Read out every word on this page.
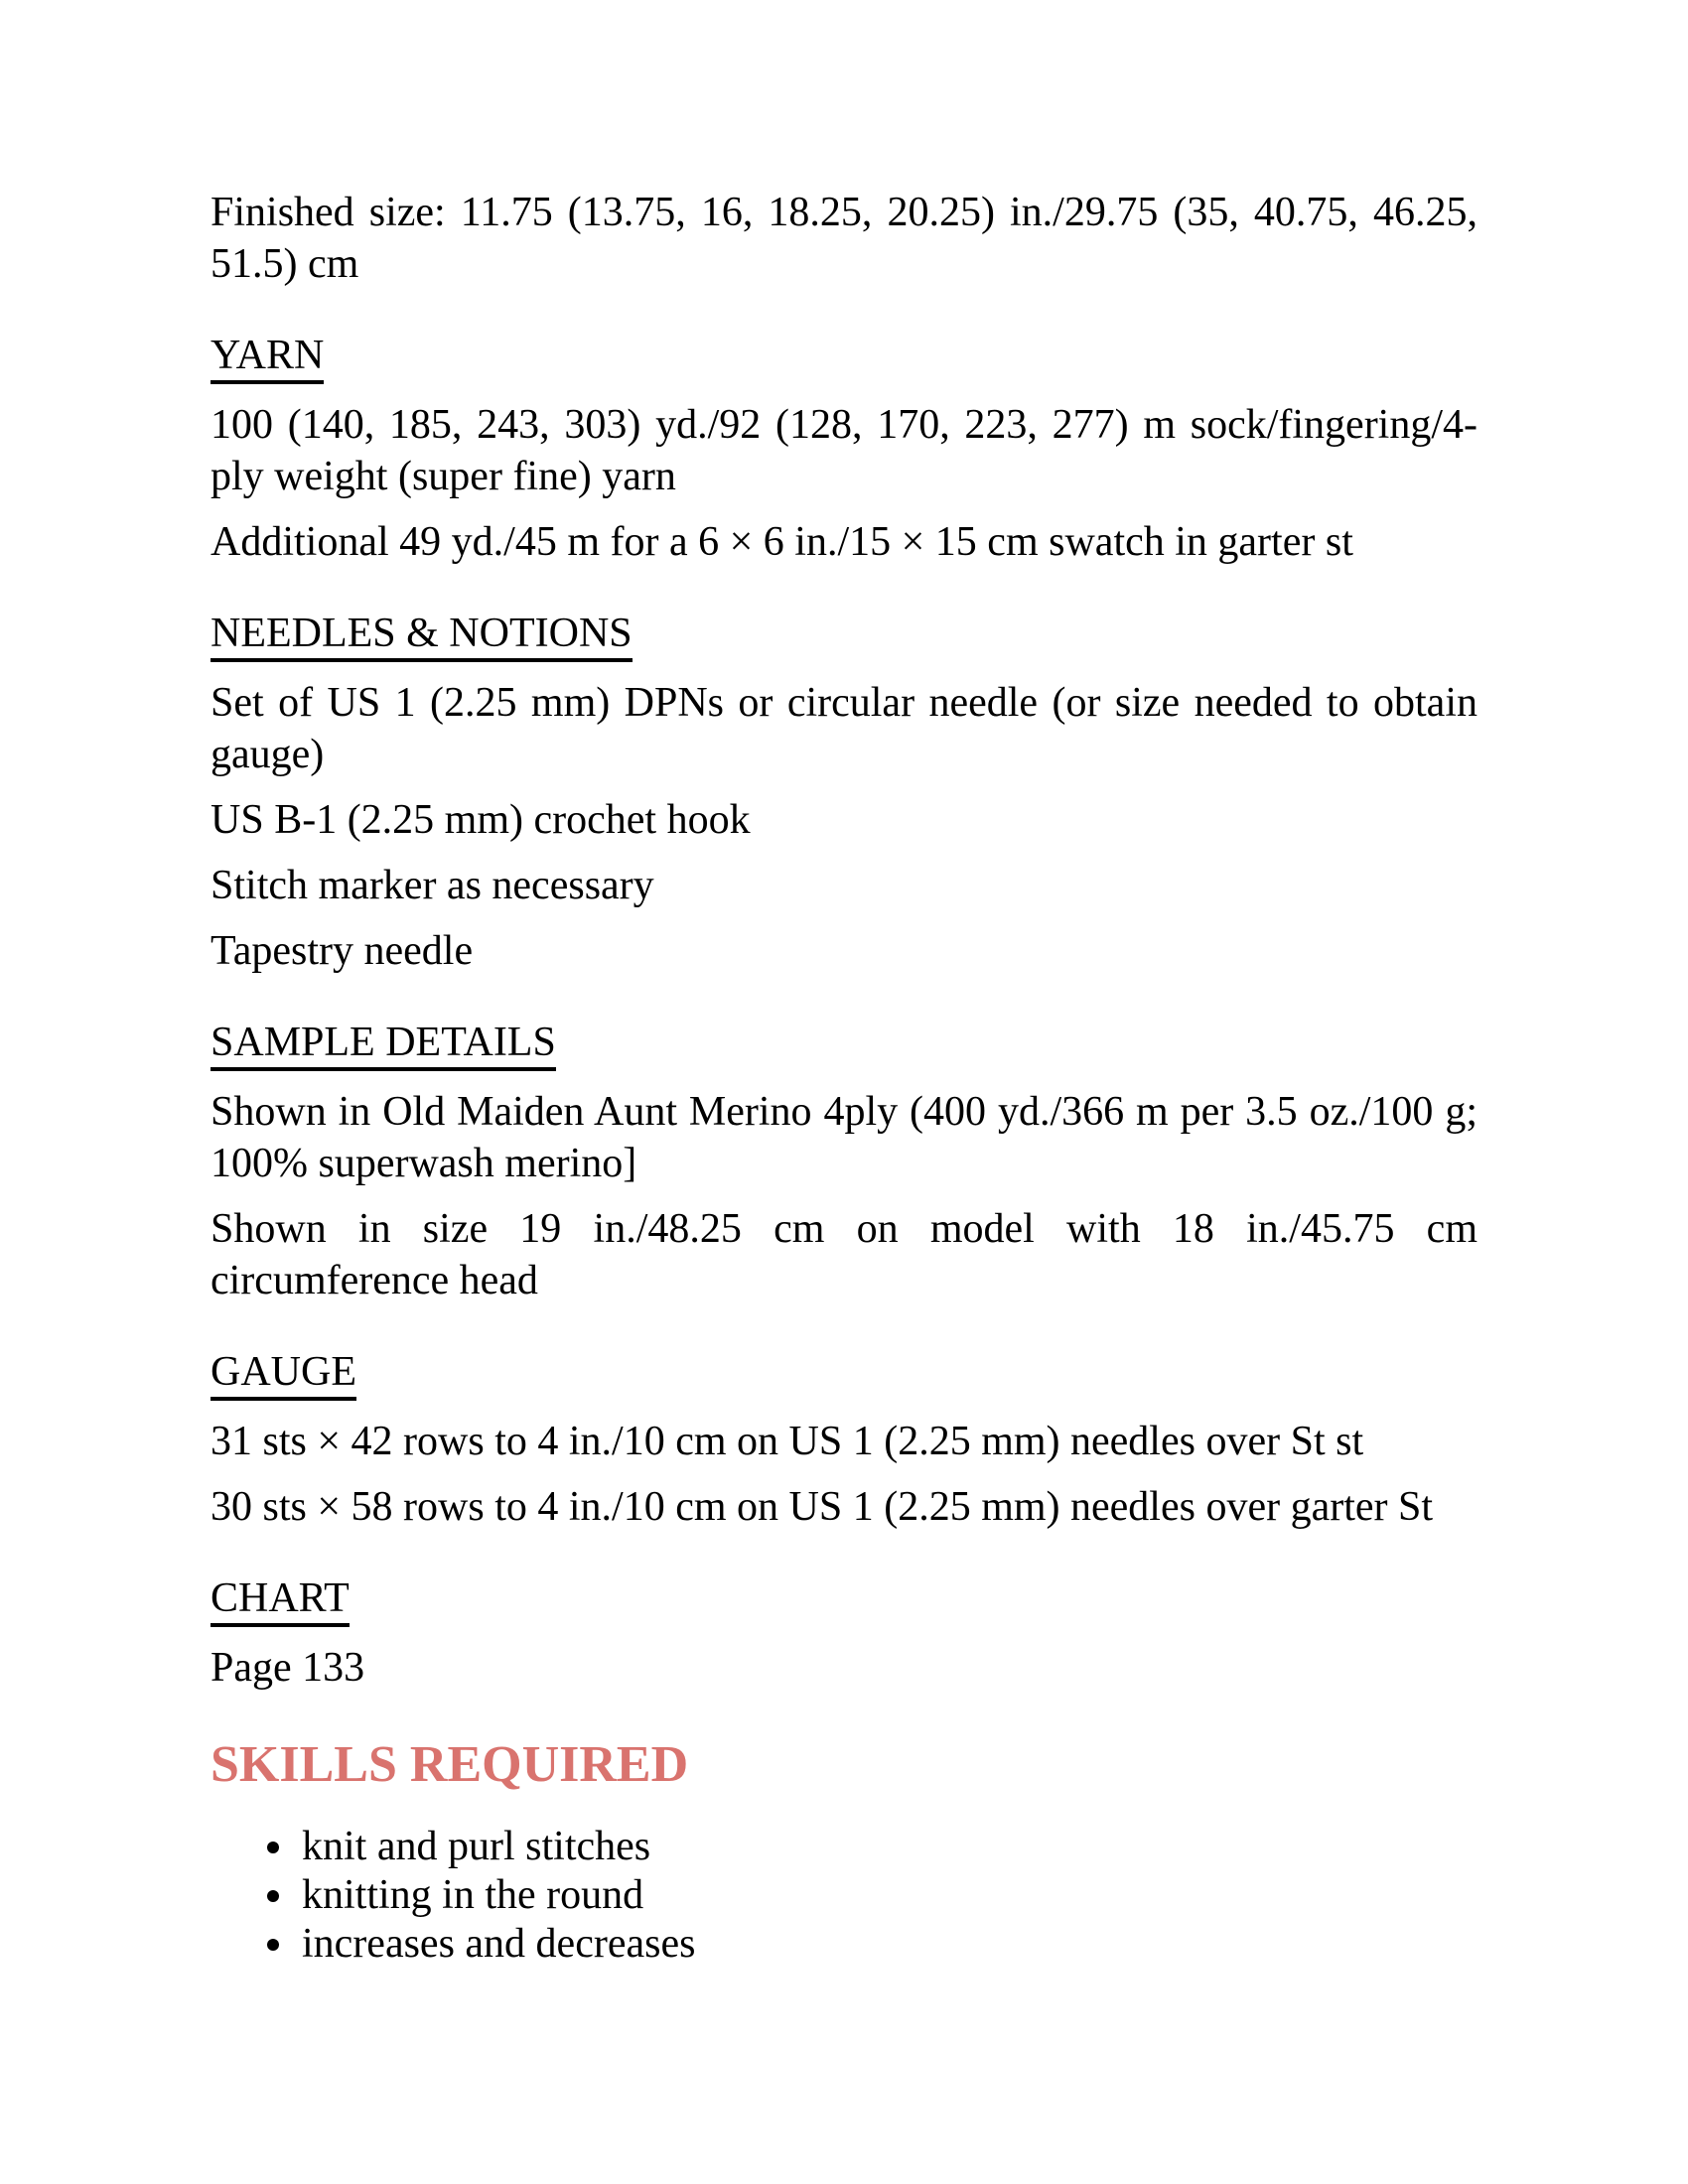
Finished size: 11.75 (13.75, 16, 18.25, 20.25) in./29.75 (35, 40.75, 46.25,
51.5) cm

YARN

100 (140, 185, 243, 303) yd./92 (128, 170, 223, 277) m sock/fingering/4-
ply weight (super fine) yarn

Additional 49 yd./45 m for a 6 × 6 in./15 × 15 cm swatch in garter st

NEEDLES & NOTIONS

Set of US 1 (2.25 mm) DPNs or circular needle (or size needed to obtain
gauge)

US B-1 (2.25 mm) crochet hook

Stitch marker as necessary

Tapestry needle

SAMPLE DETAILS

Shown in Old Maiden Aunt Merino 4ply (400 yd./366 m per 3.5 oz./100 g;
100% superwash merino]

Shown in size 19 in./48.25 cm on model with 18 in./45.75 cm
circumference head

GAUGE

31 sts × 42 rows to 4 in./10 cm on US 1 (2.25 mm) needles over St st

30 sts × 58 rows to 4 in./10 cm on US 1 (2.25 mm) needles over garter St

CHART

Page 133

SKILLS REQUIRED
• knit and purl stitches
• knitting in the round
• increases and decreases
